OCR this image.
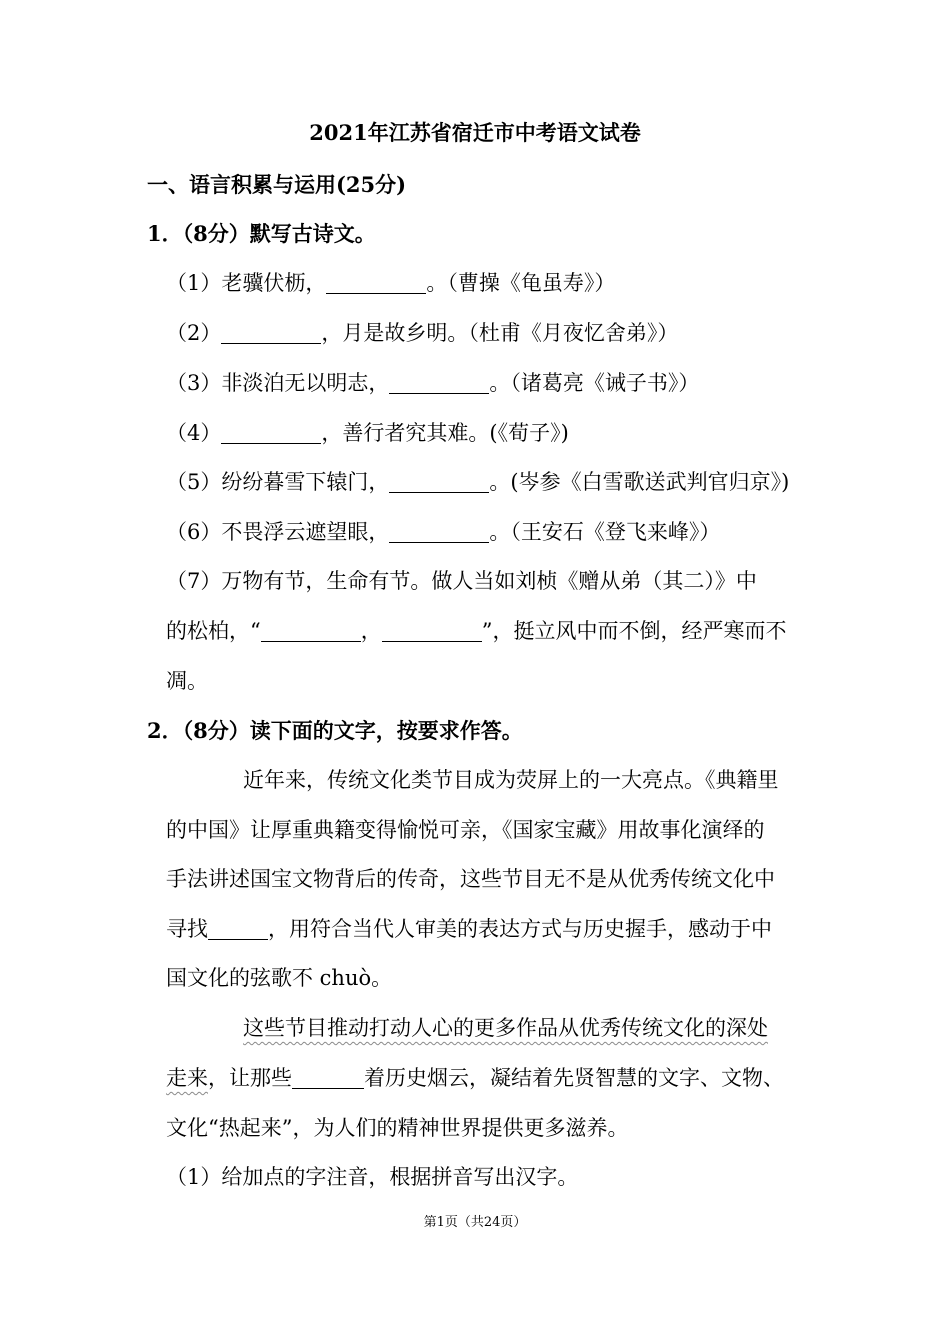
2021年江苏省宿迁市中考语文试卷
一、语言积累与运用(25分)
1．（8分）默写古诗文。
（1）老骥伏枥，	。（曹操《龟虽寿》）
（2）	，月是故乡明。（杜甫《月夜忆舍弟》）
（3）非淡泊无以明志，	。（诸葛亮《诫子书》）
（4）	，善行者究其难。(《荀子》)
（5）纷纷暮雪下辕门，	。(岑参《白雪歌送武判官归京》)
（6）不畏浮云遮望眼，	。（王安石《登飞来峰》）
（7）万物有节，生命有节。做人当如刘桢《赠从弟（其二）》中
的松柏，“	，	”，挺立风中而不倒，经严寒而不
凋。
2．（8分）读下面的文字，按要求作答。
近年来，传统文化类节目成为荧屏上的一大亮点。《典籍里
的中国》让厚重典籍变得愉悦可亲，《国家宝藏》用故事化演绎的
手法讲述国宝文物背后的传奇，这些节目无不是从优秀传统文化中
寻找	，用符合当代人审美的表达方式与历史握手，感动于中
国文化的弦歌不 chuò。
这些节目推动打动人心的更多作品从优秀传统文化的深处
走来，让那些	着历史烟云，凝结着先贤智慧的文字、文物、
文化“热起来”，为人们的精神世界提供更多滋养。
（1）给加点的字注音，根据拼音写出汉字。
第1页（共24页）
